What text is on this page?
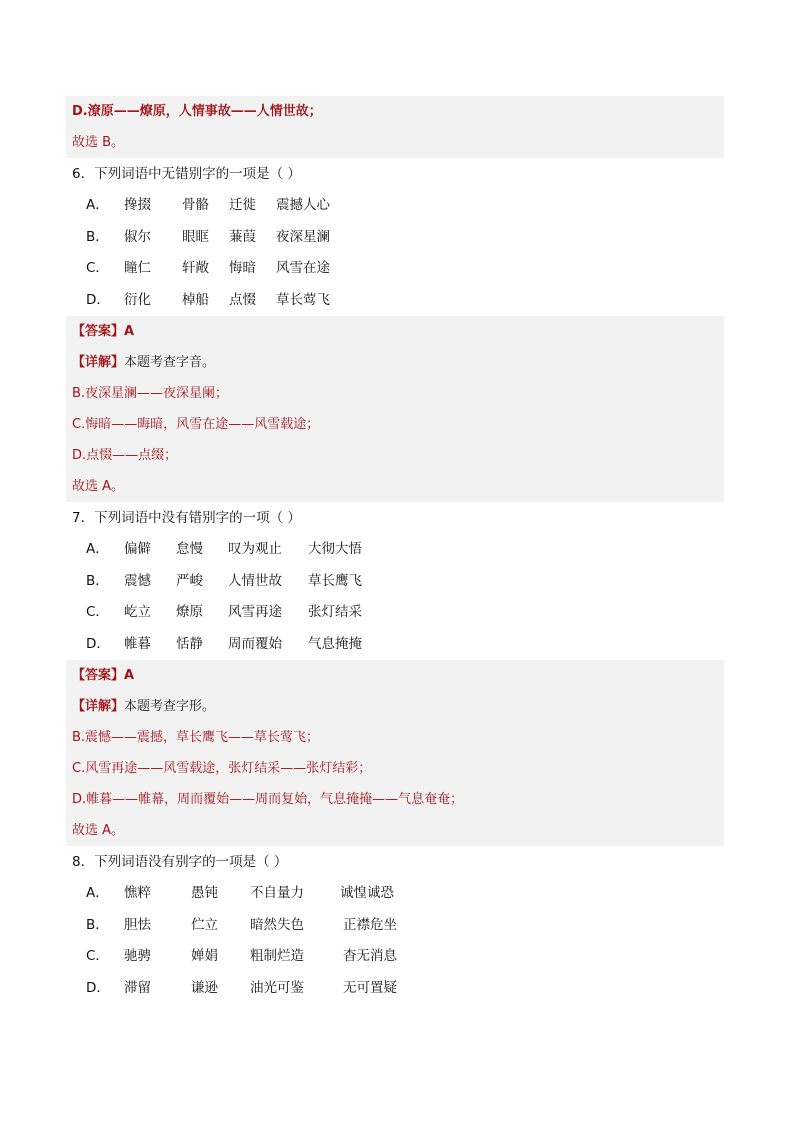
D.潦原——燎原，人情事故——人情世故；
故选 B。
6．下列词语中无错别字的一项是（ ）
A．	搀掇	骨骼	迁徙	震撼人心
B．	俶尔	眼眶	蒹葭	夜深星澜
C．	瞳仁	轩敞	悔暗	风雪在途
D．	衍化	棹船	点惙	草长莺飞
【答案】A
【详解】本题考查字音。
B.夜深星澜——夜深星阑；
C.悔暗——晦暗，风雪在途——风雪载途；
D.点惙——点缀；
故选 A。
7．下列词语中没有错别字的一项（ ）
A．	偏僻	怠慢	叹为观止	大彻大悟
B．	震憾	严峻	人情世故	草长鹰飞
C．	屹立	燎原	风雪再途	张灯结采
D．	帷暮	恬静	周而覆始	气息掩掩
【答案】A
【详解】本题考查字形。
B.震憾——震撼，草长鹰飞——草长莺飞；
C.风雪再途——风雪载途，张灯结采——张灯结彩；
D.帷暮——帷幕，周而覆始——周而复始，气息掩掩——气息奄奄；
故选 A。
8．下列词语没有别字的一项是（ ）
A．	憔粹	愚钝	不自量力	诚惶诚恐
B．	胆怯	伫立	暗然失色	正襟危坐
C．	驰骋	婵娟	粗制烂造	杳无消息
D．	滞留	谦逊	油光可鉴	无可置疑
